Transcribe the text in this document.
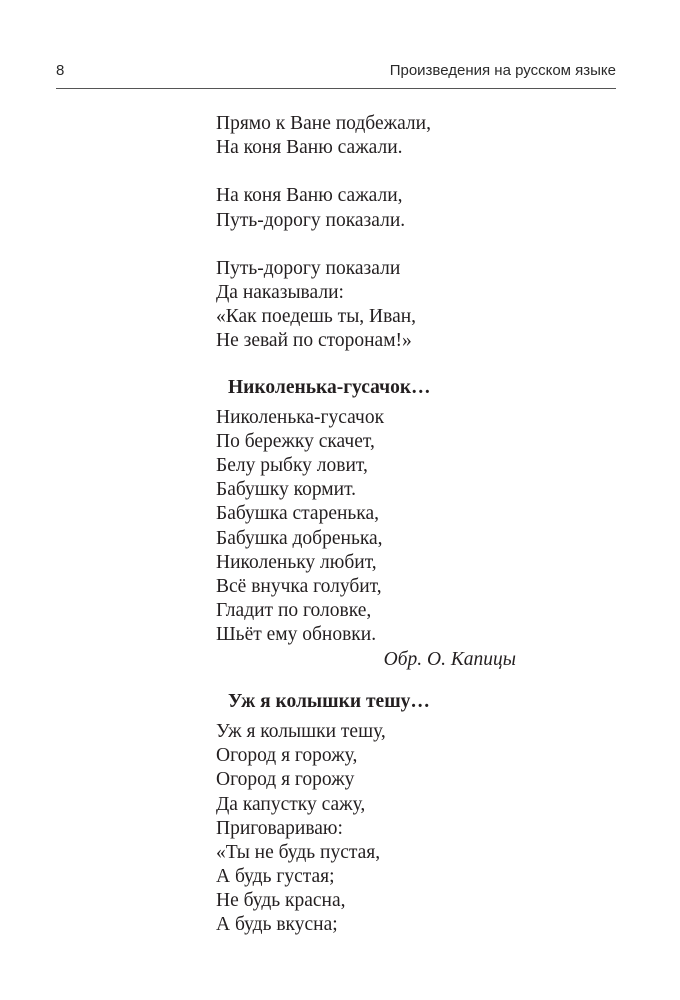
8	Произведения на русском языке
Прямо к Ване подбежали,
На коня Ваню сажали.
На коня Ваню сажали,
Путь-дорогу показали.
Путь-дорогу показали
Да наказывали:
«Как поедешь ты, Иван,
Не зевай по сторонам!»
Николенька-гусачок…
Николенька-гусачок
По бережку скачет,
Белу рыбку ловит,
Бабушку кормит.
Бабушка старенька,
Бабушка добренька,
Николеньку любит,
Всё внучка голубит,
Гладит по головке,
Шьёт ему обновки.
Обр. О. Капицы
Уж я колышки тешу…
Уж я колышки тешу,
Огород я горожу,
Огород я горожу
Да капустку сажу,
Приговариваю:
«Ты не будь пустая,
А будь густая;
Не будь красна,
А будь вкусна;
